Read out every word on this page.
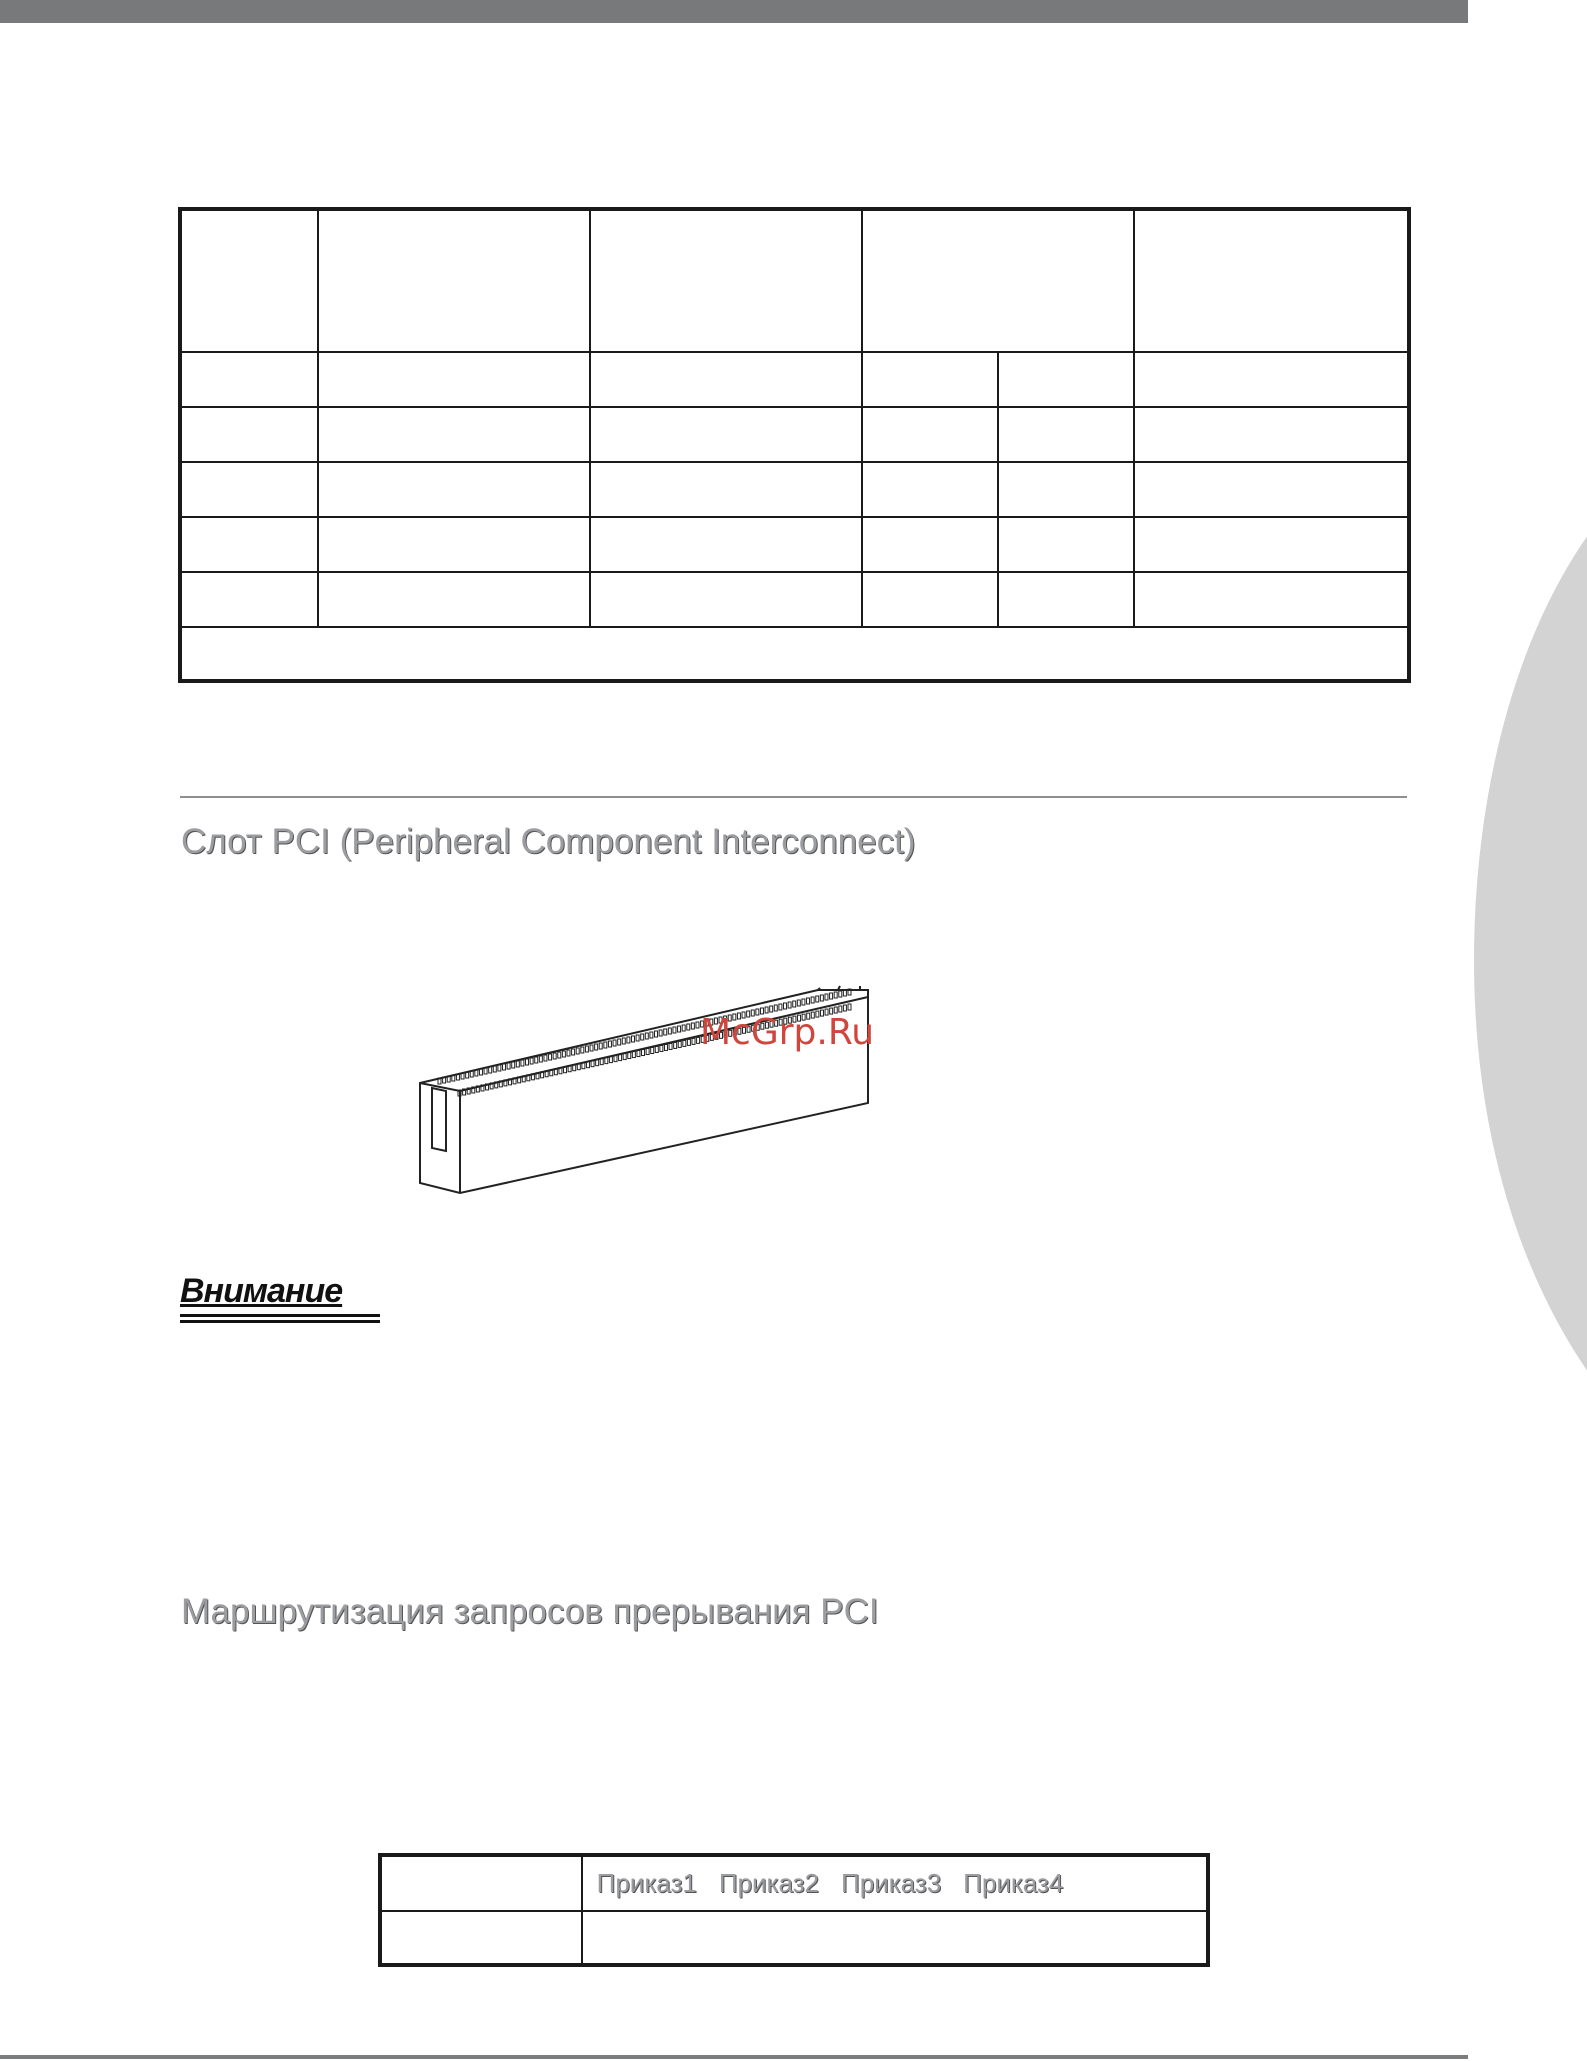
Слот PCI (Peripheral Component Interconnect)
McGrp.Ru
Внимание
Маршрутизация запросов прерывания PCI

	Приказ1 Приказ2 Приказ3 Приказ4
